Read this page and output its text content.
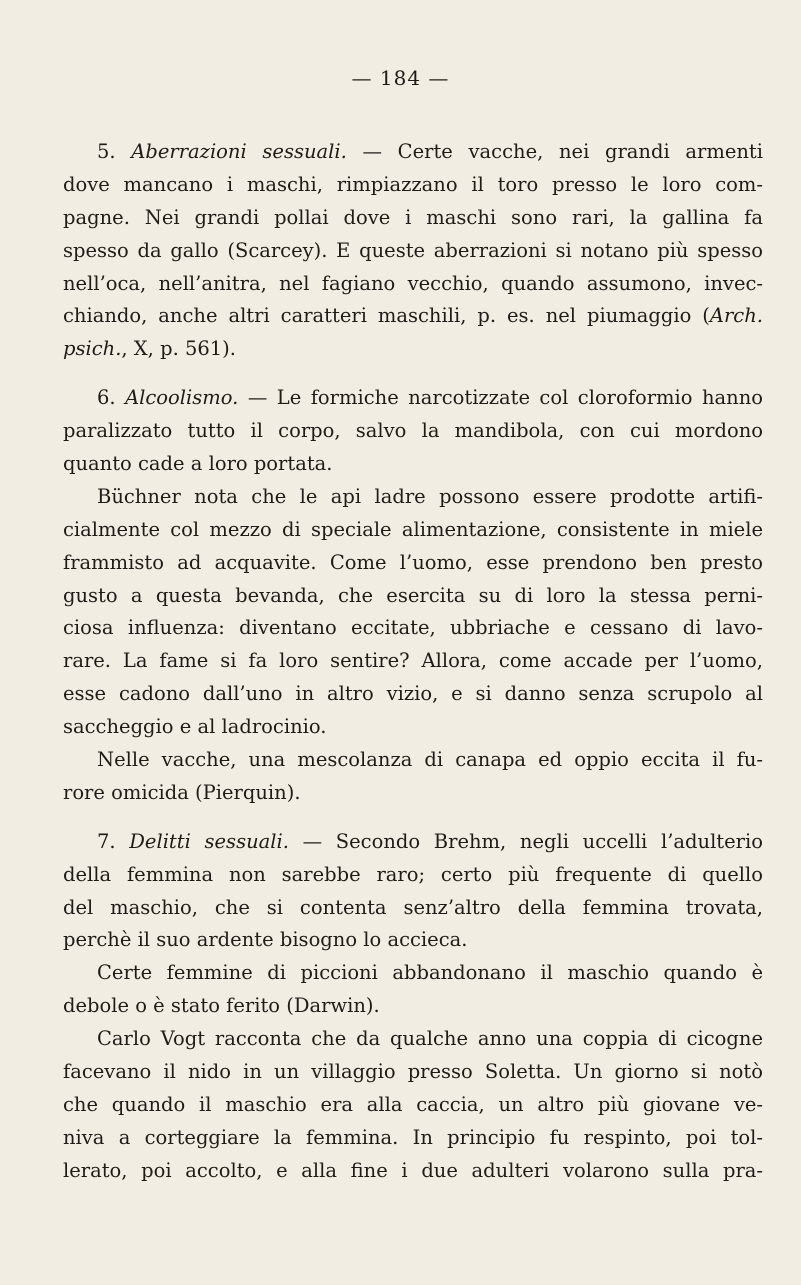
— 184 —
5. Aberrazioni sessuali. — Certe vacche, nei grandi armenti
dove mancano i maschi, rimpiazzano il toro presso le loro com-
pagne. Nei grandi pollai dove i maschi sono rari, la gallina fa
spesso da gallo (Scarcey). E queste aberrazioni si notano più spesso
nell’oca, nell’anitra, nel fagiano vecchio, quando assumono, invec-
chiando, anche altri caratteri maschili, p. es. nel piumaggio (Arch.
psich., X, p. 561).
6. Alcoolismo. — Le formiche narcotizzate col cloroformio hanno
paralizzato tutto il corpo, salvo la mandibola, con cui mordono
quanto cade a loro portata.
Büchner nota che le api ladre possono essere prodotte artifi-
cialmente col mezzo di speciale alimentazione, consistente in miele
frammisto ad acquavite. Come l’uomo, esse prendono ben presto
gusto a questa bevanda, che esercita su di loro la stessa perni-
ciosa influenza: diventano eccitate, ubbriache e cessano di lavo-
rare. La fame si fa loro sentire? Allora, come accade per l’uomo,
esse cadono dall’uno in altro vizio, e si danno senza scrupolo al
saccheggio e al ladrocinio.
Nelle vacche, una mescolanza di canapa ed oppio eccita il fu-
rore omicida (Pierquin).
7. Delitti sessuali. — Secondo Brehm, negli uccelli l’adulterio
della femmina non sarebbe raro; certo più frequente di quello
del maschio, che si contenta senz’altro della femmina trovata,
perchè il suo ardente bisogno lo accieca.
Certe femmine di piccioni abbandonano il maschio quando è
debole o è stato ferito (Darwin).
Carlo Vogt racconta che da qualche anno una coppia di cicogne
facevano il nido in un villaggio presso Soletta. Un giorno si notò
che quando il maschio era alla caccia, un altro più giovane ve-
niva a corteggiare la femmina. In principio fu respinto, poi tol-
lerato, poi accolto, e alla fine i due adulteri volarono sulla pra-
